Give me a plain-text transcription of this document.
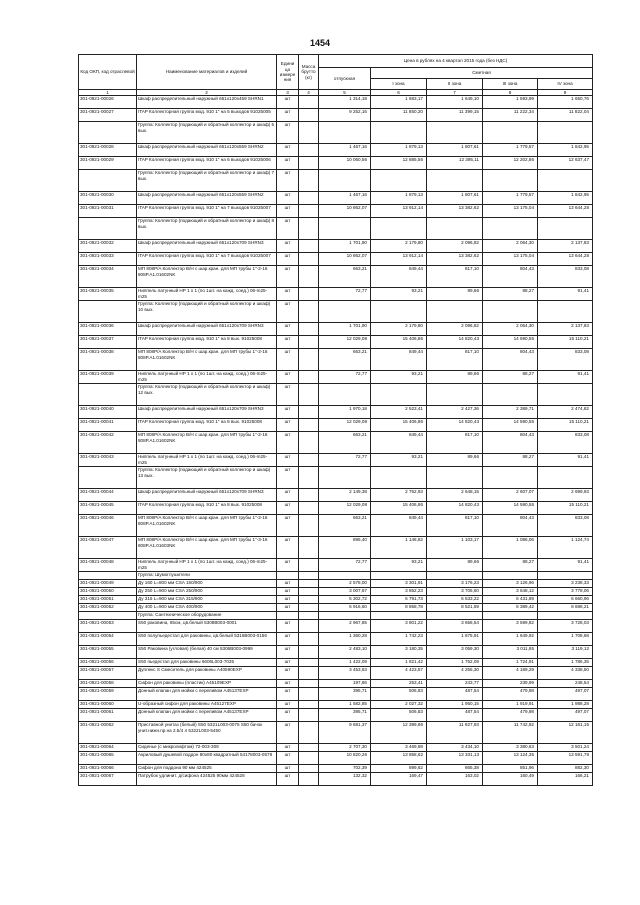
1454
Код ОКП, код отраслевой	Наименование материалов и изделий	Едини ца измере ния	Масса брутто (кг)	Цена в рублях на 4 квартал 2015 года (без НДС)				
				отпускная	Сметная			
					I зона	II зона	III зона	IV зона
1	2	3	4	5	6	7	8	9
301-0921-00026	Шкаф распределительный наружный 651х120х459 SHRN1	шт		1 314,18	1 683,17	1 649,10	1 593,99	1 650,76
301-0921-00027	ITAP Коллекторная группа мод. 910 1" на 5 выходов 91025005	шт		9 252,16	11 850,20	11 399,15	11 222,34	11 822,04
	Группа: Коллектор (подающий и обратный коллектор и шкаф) 5 вых.	шт						
301-0921-00028	Шкаф распределительный наружный 651х120х559 SHRN2	шт		1 467,16	1 879,13	1 807,61	1 779,57	1 842,95
301-0921-00029	ITAP Коллекторная группа мод. 910 1" на 6 выходов 91025006	шт		10 060,56	12 885,56	12 395,11	12 202,86	12 637,47
	Группа: Коллектор (подающий и обратный коллектор и шкаф) 7 вых.	шт						
301-0921-00030	Шкаф распределительный наружный 651х120х559 SHRN2	шт		1 467,16	1 879,13	1 807,61	1 779,57	1 842,95
301-0921-00031	ITAP Коллекторная группа мод. 910 1" на 7 выходов 91025007	шт		10 862,07	13 912,14	13 382,62	13 175,04	13 644,28
	Группа: Коллектор (подающий и обратный коллектор и шкаф) 8 вых.	шт						
301-0921-00032	Шкаф распределительный наружный 651х120х709 SHRN3	шт		1 701,90	2 179,80	2 096,82	2 064,30	2 137,83
301-0921-00033	ITAP Коллекторная группа мод. 910 1" на 7 выходов 91025007	шт		10 862,07	13 912,14	13 382,62	13 175,04	13 644,28
301-0921-00034	МП 808P/A Коллектор В/Н с шар.кран. для МП трубы 1"-2-16 808P.A1.01602NK	шт		663,21	849,44	817,10	804,43	833,08
301-0921-00035	Ниппель латунный НР 1 х 1 (по 1шт. на кажд. соед.) 06-m25-m25	шт		72,77	93,21	89,66	88,27	91,41
	Группа: Коллектор (подающий и обратный коллектор и шкаф) 10 вых.	шт						
301-0921-00036	Шкаф распределительный наружный 651х120х709 SHRN3	шт		1 701,90	2 179,80	2 096,82	2 064,30	2 137,83
301-0921-00037	ITAP Коллекторная группа мод. 910 1" на 8 вых. 91025008	шт		12 029,08	15 406,86	14 820,43	14 590,55	15 110,21
301-0921-00038	МП 808P/A Коллектор В/Н с шар.кран. для МП трубы 1"-2-16 808P.A1.01602NK	шт		663,21	849,44	817,10	804,43	833,08
301-0921-00039	Ниппель латунный НР 1 х 1 (по 1шт. на кажд. соед.) 06-m25-m25	шт		72,77	93,21	89,66	88,27	91,41
	Группа: Коллектор (подающий и обратный коллектор и шкаф) 12 вых.	шт						
301-0921-00040	Шкаф распределительный наружный 651х120х709 SHRN3	шт		1 970,18	2 523,41	2 427,36	2 389,71	2 474,82
301-0921-00041	ITAP Коллекторная группа мод. 910 1" на 8 вых. 91025008	шт		12 029,08	15 406,86	14 820,43	14 590,55	15 110,21
301-0921-00042	МП 808P/A Коллектор В/Н с шар.кран. для МП трубы 1"-2-16 808P.A1.01602NK	шт		663,21	849,44	817,10	804,43	833,08
301-0921-00043	Ниппель латунный НР 1 х 1 (по 1шт. на кажд. соед.) 06-m25-m25	шт		72,77	93,21	89,66	88,27	91,41
	Группа: Коллектор (подающий и обратный коллектор и шкаф) 13 вых.	шт						
301-0921-00044	Шкаф распределительный наружный 651х120х709 SHRN3	шт		2 149,38	2 752,93	2 648,15	2 607,07	2 699,93
301-0921-00045	ITAP Коллекторная группа мод. 910 1" на 8 вых. 91025008	шт		12 029,08	15 406,86	14 820,43	14 590,55	15 110,21
301-0921-00046	МП 808P/A Коллектор В/Н с шар.кран. для МП трубы 1"-2-16 808P.A1.01602NK	шт		663,21	849,44	817,10	804,43	833,08
301-0921-00047	МП 808P/A Коллектор В/Н с шар.кран. для МП трубы 1"-3-16 808P.A1.01603NK	шт		895,40	1 146,82	1 103,17	1 086,06	1 124,74
301-0921-00048	Ниппель латунный НР 1 х 1 (по 1шт. на кажд. соед.) 06-m25-m25	шт		72,77	93,21	89,66	88,27	91,41
	Группа: Шумоглушители							
301-0921-00049	Ду 160 L=800 мм CSA 160/900	шт		2 578,00	3 301,91	3 176,23	3 126,96	3 238,33
301-0921-00050	Ду 250 L=900 мм CSA 250/900	шт		3 007,67	3 852,23	3 705,60	3 648,12	3 778,06
301-0921-00051	Ду 315 L=900 мм CSA 315/900	шт		5 302,72	6 791,73	6 533,22	6 431,89	6 660,96
301-0921-00052	Ду 400 L=900 мм CSA 400/900	шт		6 916,60	8 858,78	8 521,59	8 389,42	8 688,21
	Группа: Сантехническое оборудование							
301-0921-00053	S50 раковина, 65см, цв.белый 5308B003-0001	шт		2 967,85	3 801,22	3 656,54	3 599,82	3 728,03
301-0921-00054	S50 полупьедестал для раковины, цв.белый 5316B003-0156	шт		1 360,28	1 742,23	1 675,91	1 649,92	1 708,68
301-0921-00055	S50 Раковина (угловая) (белая) 40 см 5306B003-0999	шт		2 483,10	3 180,35	3 059,30	3 011,85	3 119,12
301-0921-00056	S50 пьедестал для раковины 6606L003-7035	шт		1 422,09	1 821,42	1 752,09	1 724,91	1 786,35
301-0921-00057	Дуплекс S Смеситель для раковины A40590EXP	шт		3 453,63	4 423,57	4 255,30	4 189,29	4 338,50
301-0921-00058	Сифон для раковины (пластик) A45109EXP	шт		197,86	253,41	243,77	239,99	248,54
301-0921-00059	Донный клапан для мойки с переливом A45137EXP	шт		395,71	506,83	487,54	479,98	497,07
301-0921-00060	U-образный сифон для раковины A45127EXP	шт		1 582,85	2 027,32	1 950,15	1 919,91	1 988,28
301-0921-00061	Донный клапан для мойки с переливом A45137EXP	шт		395,71	506,83	487,54	479,98	497,07
301-0921-00062	Приставной унитаз (белый) S50 5321L003-0075 S50 бачок унит.нижн.пр.на 2.5/4 л 5322L003-5450	шт		9 681,37	12 399,86	11 927,93	11 742,92	12 161,15
301-0921-00064	Сиденье (с микролифтом) 72-003-309	шт		2 707,30	3 469,98	3 434,10	3 380,63	3 501,24
301-0921-00065	Акриловый душевой поддон 80х80 квадратный 54178003-0578	шт		10 820,26	13 858,62	13 331,13	13 124,35	13 591,78
301-0921-00066	Сифон для поддона 90 мм 424525	шт		702,39	899,62	865,38	851,96	882,30
301-0921-00067	Патрубок удлинит. д/сифона 424525 90мм 424528	шт		132,32	169,47	163,02	160,49	166,21
